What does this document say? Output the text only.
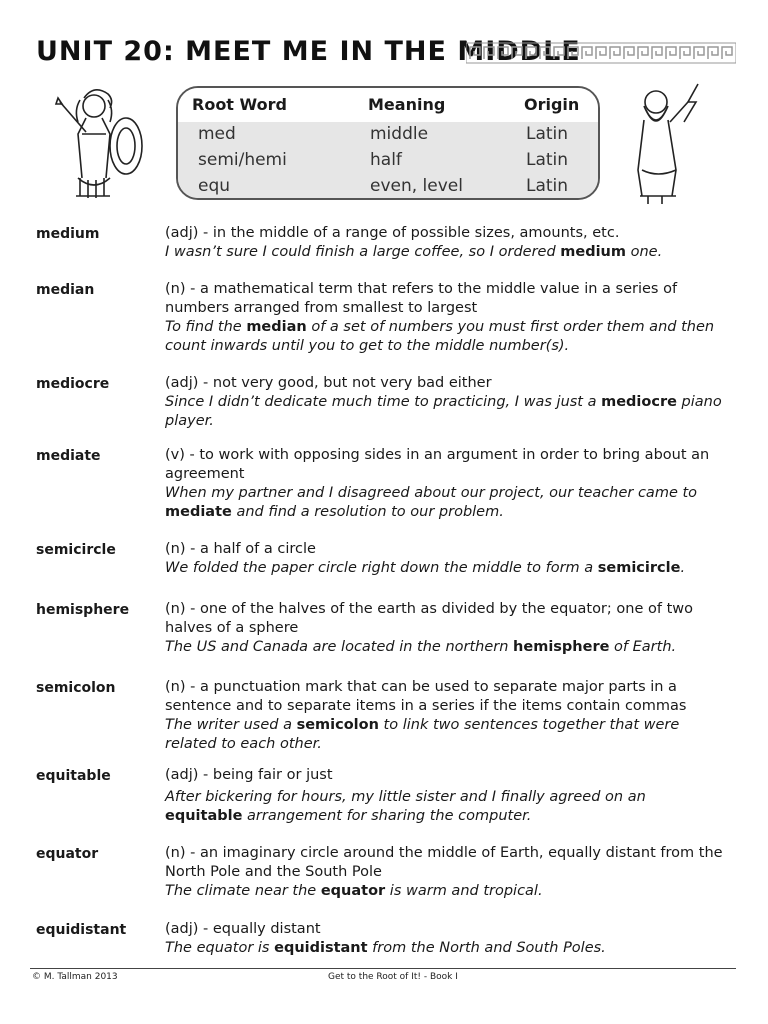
UNIT 20: MEET ME IN THE MIDDLE
Root Word	Meaning	Origin
med	middle	Latin
semi/hemi	half	Latin
equ	even, level	Latin
medium	(adj) - in the middle of a range of possible sizes, amounts, etc.
I wasn’t sure I could finish a large coffee, so I ordered medium one.
median	(n) - a mathematical term that refers to the middle value in a series of numbers arranged from smallest to largest
To find the median of a set of numbers you must first order them and then count inwards until you to get to the middle number(s).
mediocre	(adj) - not very good, but not very bad either
Since I didn’t dedicate much time to practicing, I was just a mediocre piano player.
mediate	(v) - to work with opposing sides in an argument in order to bring about an agreement
When my partner and I disagreed about our project, our teacher came to mediate and find a resolution to our problem.
semicircle	(n) - a half of a circle
We folded the paper circle right down the middle to form a semicircle.
hemisphere	(n) - one of the halves of the earth as divided by the equator; one of two halves of a sphere
The US and Canada are located in the northern hemisphere of Earth.
semicolon	(n) - a punctuation mark that can be used to separate major parts in a sentence and to separate items in a series if the items contain commas
The writer used a semicolon to link two sentences together that were related to each other.
equitable	(adj) - being fair or just
After bickering for hours, my little sister and I finally agreed on an equitable arrangement for sharing the computer.
equator	(n) - an imaginary circle around the middle of Earth, equally distant from the North Pole and the South Pole
The climate near the equator is warm and tropical.
equidistant	(adj) - equally distant
The equator is equidistant from the North and South Poles.
© M. Tallman 2013	Get to the Root of It! - Book I
